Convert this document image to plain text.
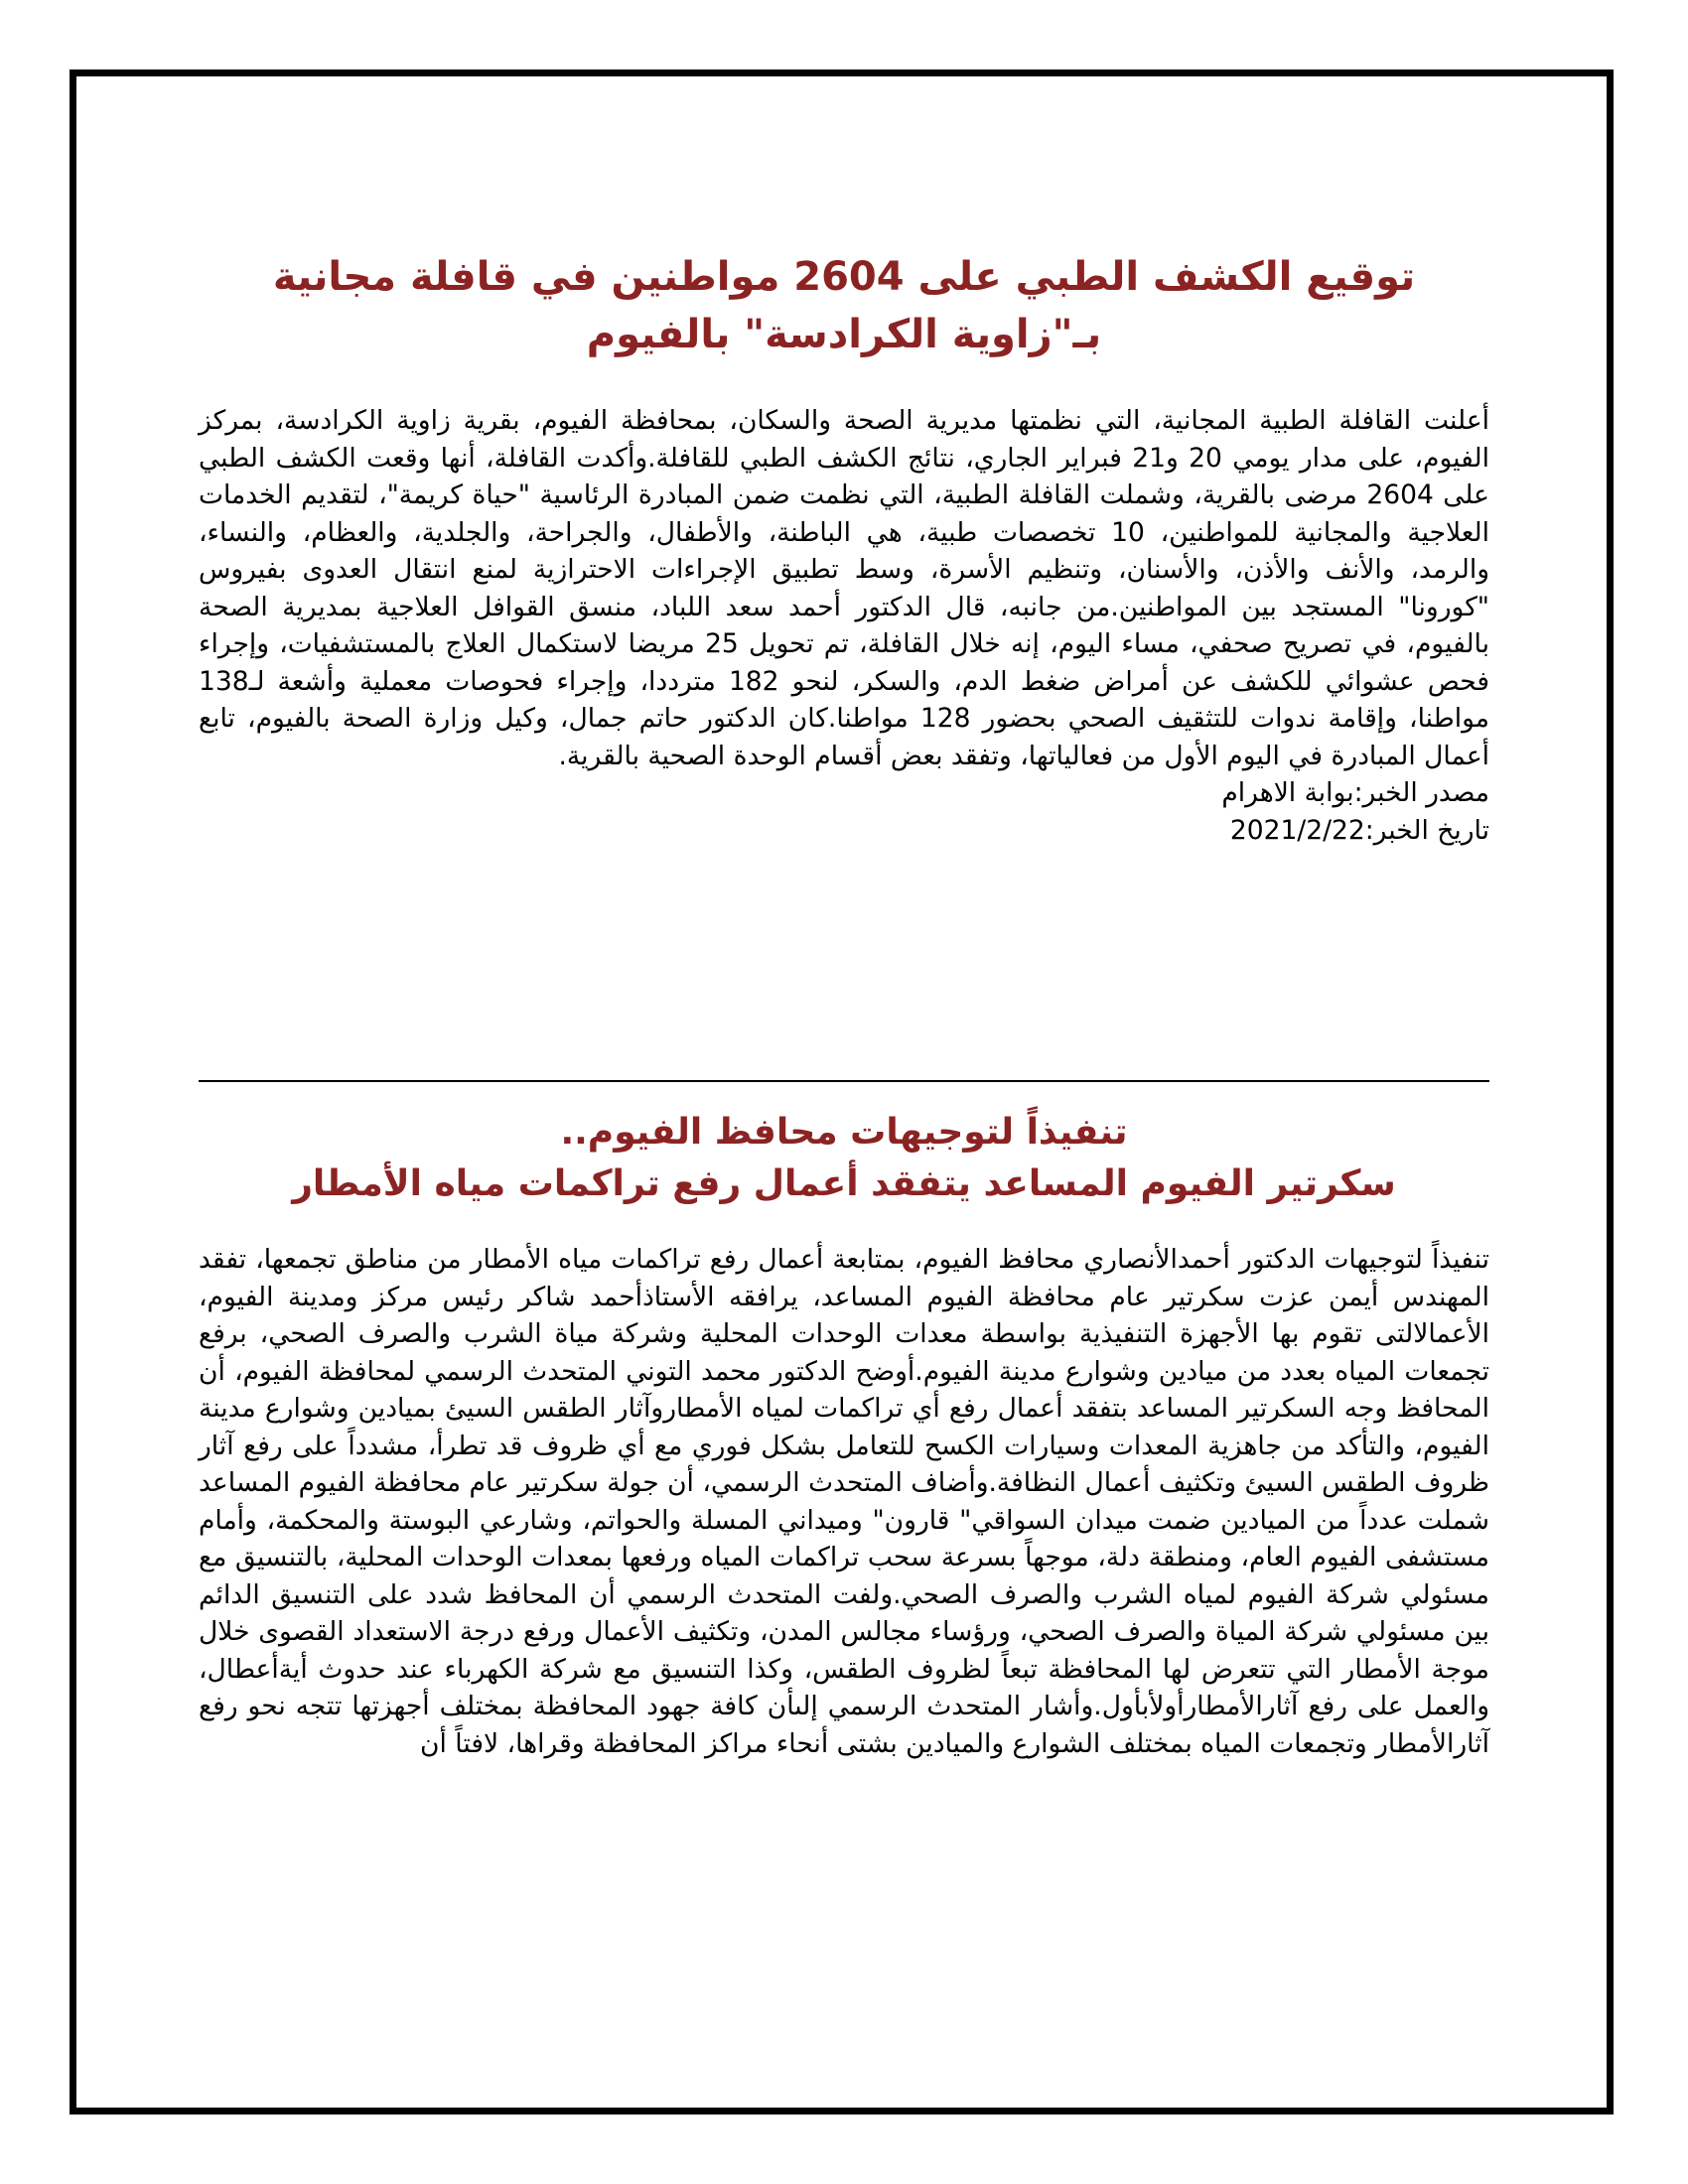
توقيع الكشف الطبي على 2604 مواطنين في قافلة مجانية بـ"زاوية الكرادسة" بالفيوم

أعلنت القافلة الطبية المجانية، التي نظمتها مديرية الصحة والسكان، بمحافظة الفيوم، بقرية زاوية الكرادسة، بمركز الفيوم، على مدار يومي 20 و21 فبراير الجاري، نتائج الكشف الطبي للقافلة.وأكدت القافلة، أنها وقعت الكشف الطبي على 2604 مرضى بالقرية، وشملت القافلة الطبية، التي نظمت ضمن المبادرة الرئاسية "حياة كريمة"، لتقديم الخدمات العلاجية والمجانية للمواطنين، 10 تخصصات طبية، هي الباطنة، والأطفال، والجراحة، والجلدية، والعظام، والنساء، والرمد، والأنف والأذن، والأسنان، وتنظيم الأسرة، وسط تطبيق الإجراءات الاحترازية لمنع انتقال العدوى بفيروس "كورونا" المستجد بين المواطنين.من جانبه، قال الدكتور أحمد سعد اللباد، منسق القوافل العلاجية بمديرية الصحة بالفيوم، في تصريح صحفي، مساء اليوم، إنه خلال القافلة، تم تحويل 25 مريضا لاستكمال العلاج بالمستشفيات، وإجراء فحص عشوائي للكشف عن أمراض ضغط الدم، والسكر، لنحو 182 مترددا، وإجراء فحوصات معملية وأشعة لـ138 مواطنا، وإقامة ندوات للتثقيف الصحي بحضور 128 مواطنا.كان الدكتور حاتم جمال، وكيل وزارة الصحة بالفيوم، تابع أعمال المبادرة في اليوم الأول من فعالياتها، وتفقد بعض أقسام الوحدة الصحية بالقرية.

مصدر الخبر:بوابة الاهرام

تاريخ الخبر:2021/2/22

تنفيذاً لتوجيهات محافظ الفيوم..
سكرتير الفيوم المساعد يتفقد أعمال رفع تراكمات مياه الأمطار

تنفيذاً لتوجيهات الدكتور أحمدالأنصاري محافظ الفيوم، بمتابعة أعمال رفع تراكمات مياه الأمطار من مناطق تجمعها، تفقد المهندس أيمن عزت سكرتير عام محافظة الفيوم المساعد، يرافقه الأستاذأحمد شاكر رئيس مركز ومدينة الفيوم، الأعمالالتى تقوم بها الأجهزة التنفيذية بواسطة معدات الوحدات المحلية وشركة مياة الشرب والصرف الصحي، برفع تجمعات المياه بعدد من ميادين وشوارع مدينة الفيوم.أوضح الدكتور محمد التوني المتحدث الرسمي لمحافظة الفيوم، أن المحافظ وجه السكرتير المساعد بتفقد أعمال رفع أي تراكمات لمياه الأمطاروآثار الطقس السيئ بميادين وشوارع مدينة الفيوم، والتأكد من جاهزية المعدات وسيارات الكسح للتعامل بشكل فوري مع أي ظروف قد تطرأ، مشدداً على رفع آثار ظروف الطقس السيئ وتكثيف أعمال النظافة.وأضاف المتحدث الرسمي، أن جولة سكرتير عام محافظة الفيوم المساعد شملت عدداً من الميادين ضمت ميدان السواقي" قارون" وميداني المسلة والحواتم، وشارعي البوستة والمحكمة، وأمام مستشفى الفيوم العام، ومنطقة دلة، موجهاً بسرعة سحب تراكمات المياه ورفعها بمعدات الوحدات المحلية، بالتنسيق مع مسئولي شركة الفيوم لمياه الشرب والصرف الصحي.ولفت المتحدث الرسمي أن المحافظ شدد على التنسيق الدائم بين مسئولي شركة المياة والصرف الصحي، ورؤساء مجالس المدن، وتكثيف الأعمال ورفع درجة الاستعداد القصوى خلال موجة الأمطار التي تتعرض لها المحافظة تبعاً لظروف الطقس، وكذا التنسيق مع شركة الكهرباء عند حدوث أيةأعطال، والعمل على رفع آثارالأمطارأولأبأول.وأشار المتحدث الرسمي إلىأن كافة جهود المحافظة بمختلف أجهزتها تتجه نحو رفع آثارالأمطار وتجمعات المياه بمختلف الشوارع والميادين بشتى أنحاء مراكز المحافظة وقراها، لافتاً أن
